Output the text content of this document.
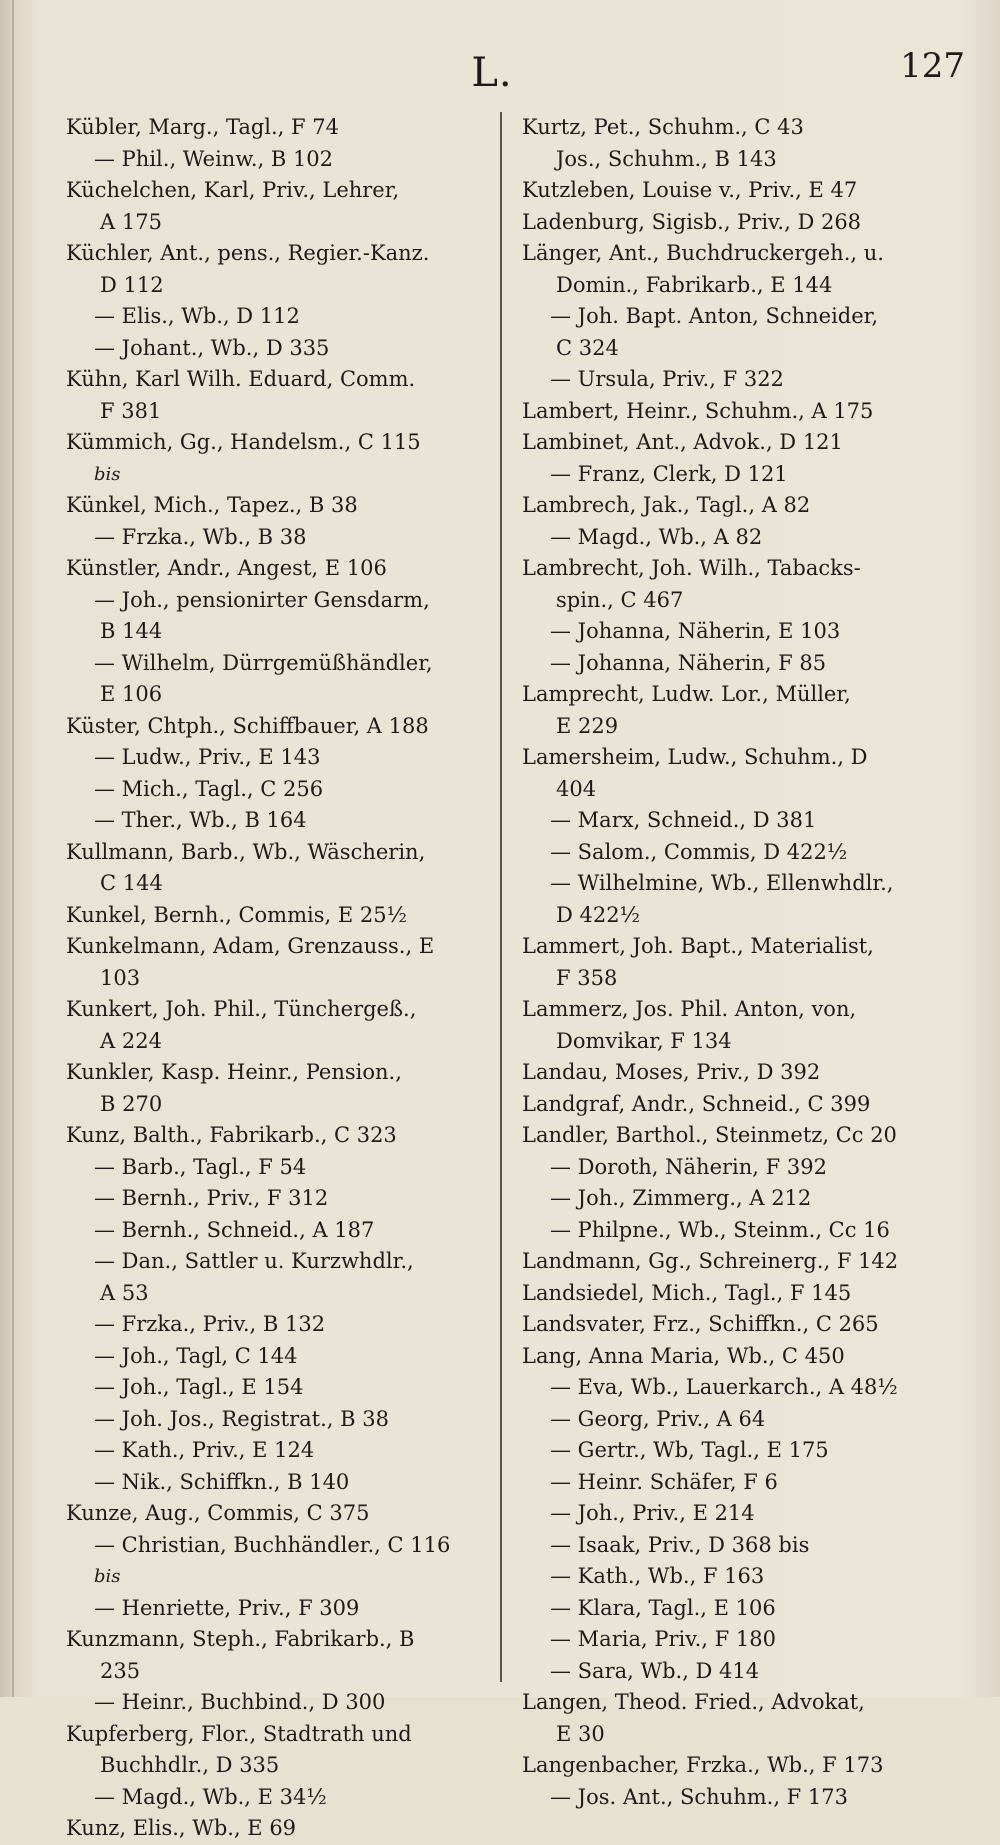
L.	127
Kübler, Marg., Tagl., F 74
— Phil., Weinw., B 102
Küchelchen, Karl, Priv., Lehrer,
A 175
Küchler, Ant., pens., Regier.-Kanz.
D 112
— Elis., Wb., D 112
— Johant., Wb., D 335
Kühn, Karl Wilh. Eduard, Comm.
F 381
Kümmich, Gg., Handelsm., C 115
bis
Künkel, Mich., Tapez., B 38
— Frzka., Wb., B 38
Künstler, Andr., Angest, E 106
— Joh., pensionirter Gensdarm,
B 144
— Wilhelm, Dürrgemüßhändler,
E 106
Küster, Chtph., Schiffbauer, A 188
— Ludw., Priv., E 143
— Mich., Tagl., C 256
— Ther., Wb., B 164
Kullmann, Barb., Wb., Wäscherin,
C 144
Kunkel, Bernh., Commis, E 25½
Kunkelmann, Adam, Grenzauss., E
103
Kunkert, Joh. Phil., Tünchergeß.,
A 224
Kunkler, Kasp. Heinr., Pension.,
B 270
Kunz, Balth., Fabrikarb., C 323
— Barb., Tagl., F 54
— Bernh., Priv., F 312
— Bernh., Schneid., A 187
— Dan., Sattler u. Kurzwhdlr.,
A 53
— Frzka., Priv., B 132
— Joh., Tagl, C 144
— Joh., Tagl., E 154
— Joh. Jos., Registrat., B 38
— Kath., Priv., E 124
— Nik., Schiffkn., B 140
Kunze, Aug., Commis, C 375
— Christian, Buchhändler., C 116
bis
— Henriette, Priv., F 309
Kunzmann, Steph., Fabrikarb., B
235
— Heinr., Buchbind., D 300
Kupferberg, Flor., Stadtrath und
Buchhdlr., D 335
— Magd., Wb., E 34½
Kunz, Elis., Wb., E 69
Kurtz, Pet., Schuhm., C 43
Jos., Schuhm., B 143
Kutzleben, Louise v., Priv., E 47
Ladenburg, Sigisb., Priv., D 268
Länger, Ant., Buchdruckergeh., u.
Domin., Fabrikarb., E 144
— Joh. Bapt. Anton, Schneider,
C 324
— Ursula, Priv., F 322
Lambert, Heinr., Schuhm., A 175
Lambinet, Ant., Advok., D 121
— Franz, Clerk, D 121
Lambrech, Jak., Tagl., A 82
— Magd., Wb., A 82
Lambrecht, Joh. Wilh., Tabacks-
spin., C 467
— Johanna, Näherin, E 103
— Johanna, Näherin, F 85
Lamprecht, Ludw. Lor., Müller,
E 229
Lamersheim, Ludw., Schuhm., D
404
— Marx, Schneid., D 381
— Salom., Commis, D 422½
— Wilhelmine, Wb., Ellenwhdlr.,
D 422½
Lammert, Joh. Bapt., Materialist,
F 358
Lammerz, Jos. Phil. Anton, von,
Domvikar, F 134
Landau, Moses, Priv., D 392
Landgraf, Andr., Schneid., C 399
Landler, Barthol., Steinmetz, Cc 20
— Doroth, Näherin, F 392
— Joh., Zimmerg., A 212
— Philpne., Wb., Steinm., Cc 16
Landmann, Gg., Schreinerg., F 142
Landsiedel, Mich., Tagl., F 145
Landsvater, Frz., Schiffkn., C 265
Lang, Anna Maria, Wb., C 450
— Eva, Wb., Lauerkarch., A 48½
— Georg, Priv., A 64
— Gertr., Wb, Tagl., E 175
— Heinr. Schäfer, F 6
— Joh., Priv., E 214
— Isaak, Priv., D 368 bis
— Kath., Wb., F 163
— Klara, Tagl., E 106
— Maria, Priv., F 180
— Sara, Wb., D 414
Langen, Theod. Fried., Advokat,
E 30
Langenbacher, Frzka., Wb., F 173
— Jos. Ant., Schuhm., F 173
